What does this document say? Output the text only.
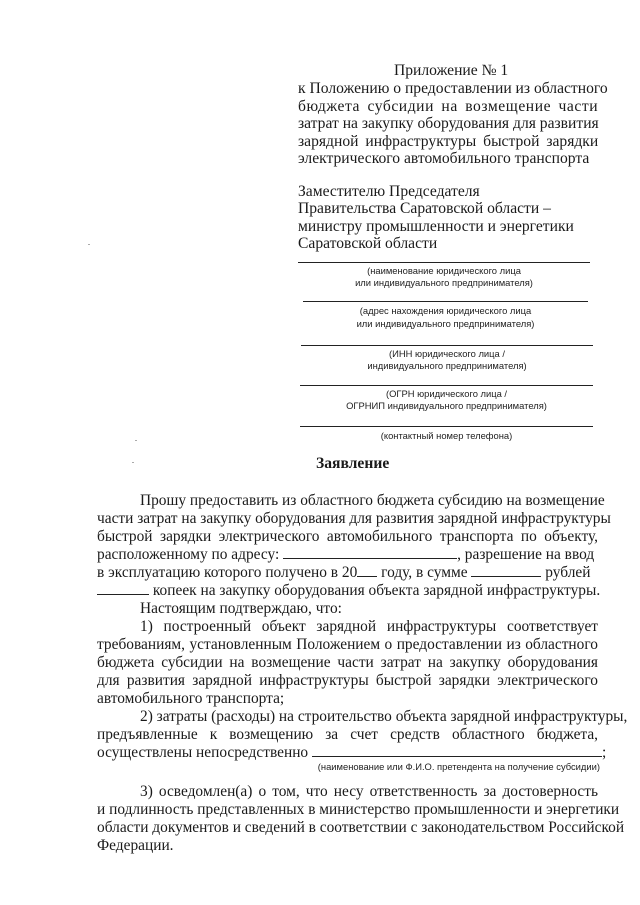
Приложение № 1
к Положению о предоставлении из областного
бюджета субсидии на возмещение части
затрат на закупку оборудования для развития
зарядной инфраструктуры быстрой зарядки
электрического автомобильного транспорта
Заместителю Председателя
Правительства Саратовской области –
министру промышленности и энергетики
Саратовской области
(наименование юридического лица
или индивидуального предпринимателя)
(адрес нахождения юридического лица
или индивидуального предпринимателя)
(ИНН юридического лица /
индивидуального предпринимателя)
(ОГРН юридического лица /
ОГРНИП индивидуального предпринимателя)
(контактный номер телефона)
Заявление
Прошу предоставить из областного бюджета субсидию на возмещение
части затрат на закупку оборудования для развития зарядной инфраструктуры
быстрой зарядки электрического автомобильного транспорта по объекту,
расположенному по адресу:	, разрешение на ввод
в эксплуатацию которого получено в 20 году, в сумме	рублей
копеек на закупку оборудования объекта зарядной инфраструктуры.
Настоящим подтверждаю, что:
1) построенный объект зарядной инфраструктуры соответствует
требованиям, установленным Положением о предоставлении из областного
бюджета субсидии на возмещение части затрат на закупку оборудования
для развития зарядной инфраструктуры быстрой зарядки электрического
автомобильного транспорта;
2) затраты (расходы) на строительство объекта зарядной инфраструктуры,
предъявленные к возмещению за счет средств областного бюджета,
осуществлены непосредственно	;
(наименование или Ф.И.О. претендента на получение субсидии)
3) осведомлен(а) о том, что несу ответственность за достоверность
и подлинность представленных в министерство промышленности и энергетики
области документов и сведений в соответствии с законодательством Российской
Федерации.
